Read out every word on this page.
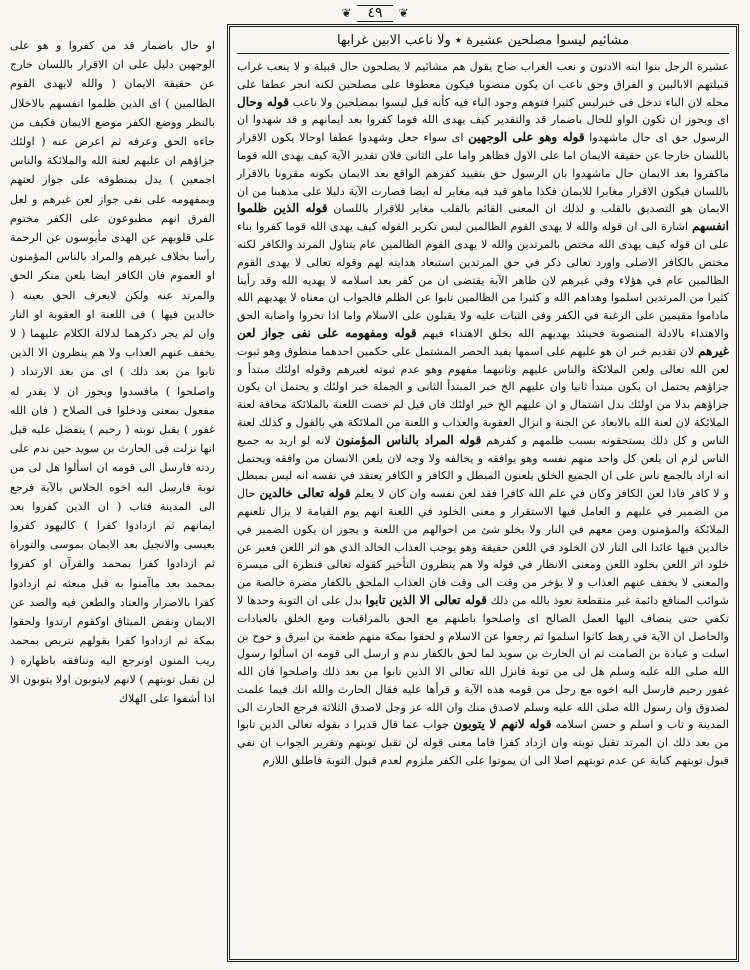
❦	٤٩	❦
مشائيم ليسوا مصلحين عشيرة ٭ ولا ناعب الابين غرابها

عشيرة الرجل بنوا ابنه الادنون و نعب الغراب صاح يقول هم مشائيم لا يصلحون حال قبيلة و لا ينعب غراب قبيلتهم الابالبين و الفراق وحق ناعب ان يكون منصوبا فيكون معطوفا على مصلحين لكنه انجر عطفا على محله لان الباء تدخل فى خبرليس كثيرا فتوهم وجود الباء فيه كأنه قيل ليسوا بمصلحين ولا ناعب قوله وحال اى ويجوز ان تكون الواو للحال باضمار قد والتقدير كيف يهدى الله قوما كفروا بعد ايمانهم و قد شهدوا ان الرسول حق اى حال ماشهدوا قوله وهو على الوجهين اى سواء جعل وشهدوا عطفا اوحالا يكون الاقرار باللسان خارجا عن حقيقة الايمان اما على الاول فظاهر واما على الثانى فلان تقدير الآية كيف يهدى الله قوما ماكفروا بعد الايمان حال ماشهدوا بان الرسول حق بتقييد كفرهم الواقع بعد الايمان بكونه مقرونا بالاقرار باللسان فيكون الاقرار مغايرا للايمان فكذا ماهو قيد فيه مغاير له ايضا فصارت الآية دليلا على مذهبنا من ان الايمان هو التصديق بالقلب و لذلك ان المعنى القائم بالقلب مغاير للاقرار باللسان قوله الذين ظلموا انفسهم اشارة الى ان قوله والله لا يهدى القوم الظالمين ليس تكرير القوله كيف يهدى الله قوما كفروا بناء على ان قوله كيف يهدى الله مختص بالمرتدين والله لا يهدى القوم الظالمين عام يتناول المرتد والكافر لكنه مختص بالكافر الاصلى واورد تعالى ذكر في حق المرتدين استبعاد هدايته لهم وقوله تعالى لا يهدى القوم الظالمين عام في هؤلاء وفي غيرهم لان ظاهر الآية يقتضى ان من كفر بعد اسلامه لا يهديه الله وقد رأينا كثيرا من المرتدين اسلموا وهداهم الله و كثيرا من الظالمين تابوا عن الظلم فالجواب ان معناه لا يهديهم الله ماداموا مقيمين على الرغبة في الكفر وفى الثبات عليه ولا يقبلون على الاسلام واما اذا تحروا واصابة الحق والاهتداء بالادلة المنصوبة فحينئذ يهديهم الله بخلق الاهتداء فيهم قوله ومفهومه على نفى جواز لعن غيرهم لان تقديم خبر ان هو عليهم على اسمها يفيد الحصر المشتمل على حكمين احدهما منطوق وهو ثبوت لعن الله تعالى ولعن الملائكة والناس عليهم وثانيهما مفهوم وهو عدم ثبوته لغيرهم وقوله اولئك مبتدأ و جزاؤهم يحتمل ان يكون مبتدأ ثانيا وان عليهم الخ خبر المبتدأ الثانى و الجملة خبر اولئك و يحتمل ان يكون جزاؤهم بدلا من اولئك بدل اشتمال و ان عليهم الخ خبر اولئك فان قيل لم خصت اللعنة بالملائكة مخافة لعنة الملائكة لان لعنة الله بالابعاد عن الجنة و انزال العقوبة والعذاب و اللعنة من الملائكة هي بالقول و كذلك لعنة الناس و كل ذلك يستحقونه بسبب ظلمهم و كفرهم قوله المراد بالناس المؤمنون لانه لو اريد به جميع الناس لزم ان يلعن كل واحد منهم نفسه وهو يوافقه و يخالفه ولا وجه لان يلعن الانسان من وافقه ويحتمل انه اراد بالجمع ناس على ان الجميع الخلق يلعنون المبطل و الكافر و الكافر يعتقد في نفسه انه ليس بمبطل و لا كافر فاذا لعن الكافر وكان في علم الله كافرا فقد لعن نفسه وان كان لا يعلم قوله تعالى خالدين حال من الضمير في عليهم و العامل فيها الاستقرار و معنى الخلود في اللعنة انهم يوم القيامة لا يزال تلعنهم الملائكة والمؤمنون ومن معهم في النار ولا يخلو شئ من احوالهم من اللعنة و يجوز ان يكون الضمير في خالدين فيها عائدا الى النار لان الخلود في اللعن حقيقة وهو يوجب العذاب الخالد الذي هو اثر اللعن فعبر عن خلود اثر اللعن بخلود اللعن ومعنى الانظار في قوله ولا هم ينظرون التأخير كقوله تعالى فنظرة الى ميسرة والمعنى لا يخفف عنهم العذاب و لا يؤخر من وقت الى وقت فان العذاب الملحق بالكفار مضرة خالصة من شوائب المنافع دائمة غير منقطعة نعوذ بالله من ذلك قوله تعالى الا الذين تابوا بدل على ان التوبة وحدها لا تكفي حتى ينضاف اليها العمل الصالح اى واصلحوا باطنهم مع الحق بالمراقبات ومع الخلق بالعبادات والحاصل ان الآية في رهط كانوا اسلموا ثم رجعوا عن الاسلام و لحقوا بمكة منهم طعمة بن ابيرق و حوح بن اسلت و عبادة بن الصامت ثم ان الحارث بن سويد لما لحق بالكفار ندم و ارسل الى قومه ان اسألوا رسول الله صلى الله عليه وسلم هل لى من توبة فانزل الله تعالى الا الذين تابوا من بعد ذلك واصلحوا فان الله غفور رحيم فارسل اليه اخوه مع رجل من قومه هذه الآية و قرأها عليه فقال الحارث والله انك فيما علمت لصدوق وان رسول الله صلى الله عليه وسلم لاصدق منك وان الله عز وجل لاصدق الثلاثة فرجع الحارث الى المدينة و تاب و اسلم و حسن اسلامه قوله لانهم لا يتوبون جواب عما قال قديرا د بقوله تعالى الذين تابوا من بعد ذلك ان المرتد تقبل توبته وان ازداد كفرا فاما معنى قوله لن تقبل توبتهم وتقرير الجواب ان نفي قبول توبتهم كناية عن عدم توبتهم اصلا الى ان يموتوا على الكفر ملزوم لعدم قبول التوبة فاطلق اللازم

او حال باضمار قد من كفروا و هو على الوجهين دليل على ان الاقرار باللسان خارج عن حقيقة الايمان ( والله لايهدى القوم الظالمين ) اى الذين ظلموا انفسهم بالاخلال بالنظر ووضع الكفر موضع الايمان فكيف من جاءه الحق وعرفه ثم اعرض عنه ( اولئك جزاؤهم ان عليهم لعنة الله والملائكة والناس اجمعين ) يدل بمنطوقه على جواز لعنهم وبمفهومه على نفى جواز لعن غيرهم و لعل الفرق انهم مطبوعون على الكفر مختوم على قلوبهم عن الهدى مأيوسون عن الرحمة رأسا بخلاف غيرهم والمراد بالناس المؤمنون او العموم فان الكافر ايضا يلعن منكر الحق والمرتد عنه ولكن لايعرف الحق بعينه ( خالدين فيها ) فى اللعنة او العقوبة او النار وان لم يجر ذكرهما لدلالة الكلام عليهما ( لا يخفف عنهم العذاب ولا هم ينظرون الا الذين تابوا من بعد ذلك ) اى من بعد الارتداد ( واصلحوا ) مافسدوا ويجوز ان لا يقدر له مفعول بمعنى ودخلوا فى الصلاح ( فان الله غفور ) يقبل توبته ( رحيم ) يتفضل عليه قيل انها نزلت فى الحارث بن سويد حين ندم على ردته فارسل الى قومه ان اسألوا هل لى من توبة فارسل اليه اخوه الجلاس بالآية فرجع الى المدينة فتاب ( ان الذين كفروا بعد ايمانهم ثم ازدادوا كفرا ) كاليهود كفروا بعيسى والانجيل بعد الايمان بموسى والتوراة ثم ازدادوا كفرا بمحمد والقرآن او كفروا بمحمد بعد ماآمنوا به قبل مبعثه ثم ازدادوا كفرا بالاصرار والعناد والطعن فيه والصد عن الايمان ونقض الميثاق اوكقوم ارتدوا ولحقوا بمكة ثم ازدادوا كفرا بقولهم نتربص بمحمد ريب المنون اونرجع اليه وننافقه باظهاره ( لن تقبل توبتهم ) لانهم لايتوبون اولا يتوبون الا اذا أشفوا على الهلاك
